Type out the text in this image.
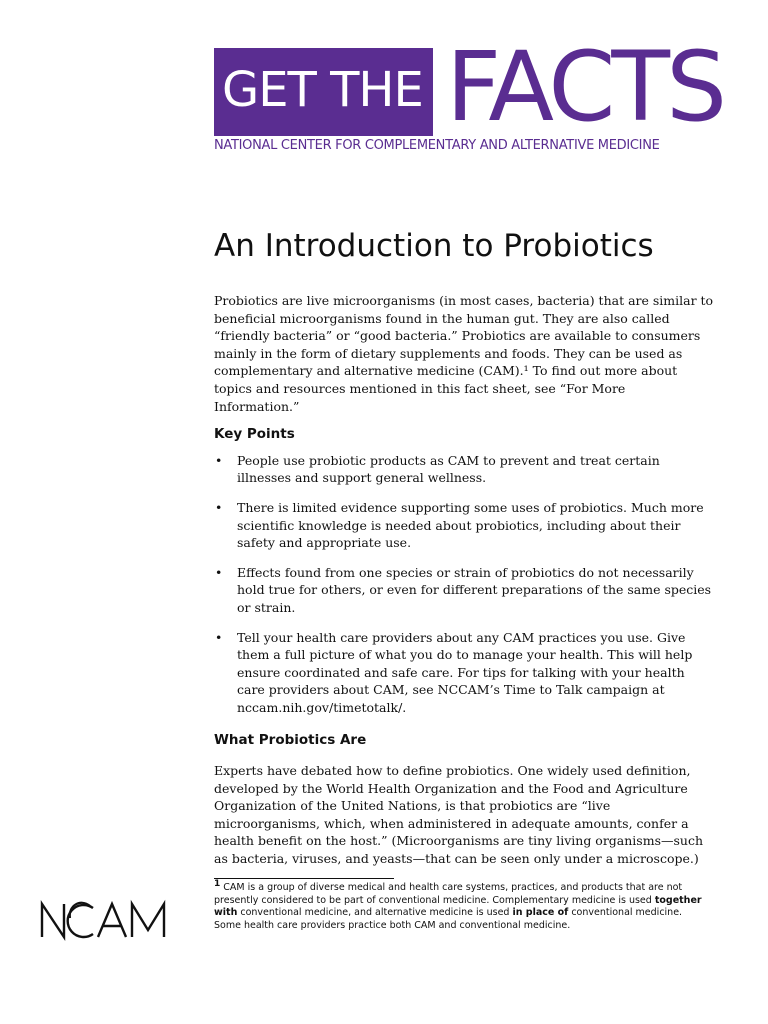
GET THE FACTS
NATIONAL CENTER FOR COMPLEMENTARY AND ALTERNATIVE MEDICINE
An Introduction to Probiotics

Probiotics are live microorganisms (in most cases, bacteria) that are similar to beneficial microorganisms found in the human gut. They are also called “friendly bacteria” or “good bacteria.” Probiotics are available to consumers mainly in the form of dietary supplements and foods. They can be used as complementary and alternative medicine (CAM).¹ To find out more about topics and resources mentioned in this fact sheet, see “For More Information.”

Key Points
• People use probiotic products as CAM to prevent and treat certain illnesses and support general wellness.
• There is limited evidence supporting some uses of probiotics. Much more scientific knowledge is needed about probiotics, including about their safety and appropriate use.
• Effects found from one species or strain of probiotics do not necessarily hold true for others, or even for different preparations of the same species or strain.
• Tell your health care providers about any CAM practices you use. Give them a full picture of what you do to manage your health. This will help ensure coordinated and safe care. For tips for talking with your health care providers about CAM, see NCCAM’s Time to Talk campaign at nccam.nih.gov/timetotalk/.
What Probiotics Are

Experts have debated how to define probiotics. One widely used definition, developed by the World Health Organization and the Food and Agriculture Organization of the United Nations, is that probiotics are “live microorganisms, which, when administered in adequate amounts, confer a health benefit on the host.” (Microorganisms are tiny living organisms—such as bacteria, viruses, and yeasts—that can be seen only under a microscope.)

1 CAM is a group of diverse medical and health care systems, practices, and products that are not presently considered to be part of conventional medicine. Complementary medicine is used together with conventional medicine, and alternative medicine is used in place of conventional medicine. Some health care providers practice both CAM and conventional medicine.
